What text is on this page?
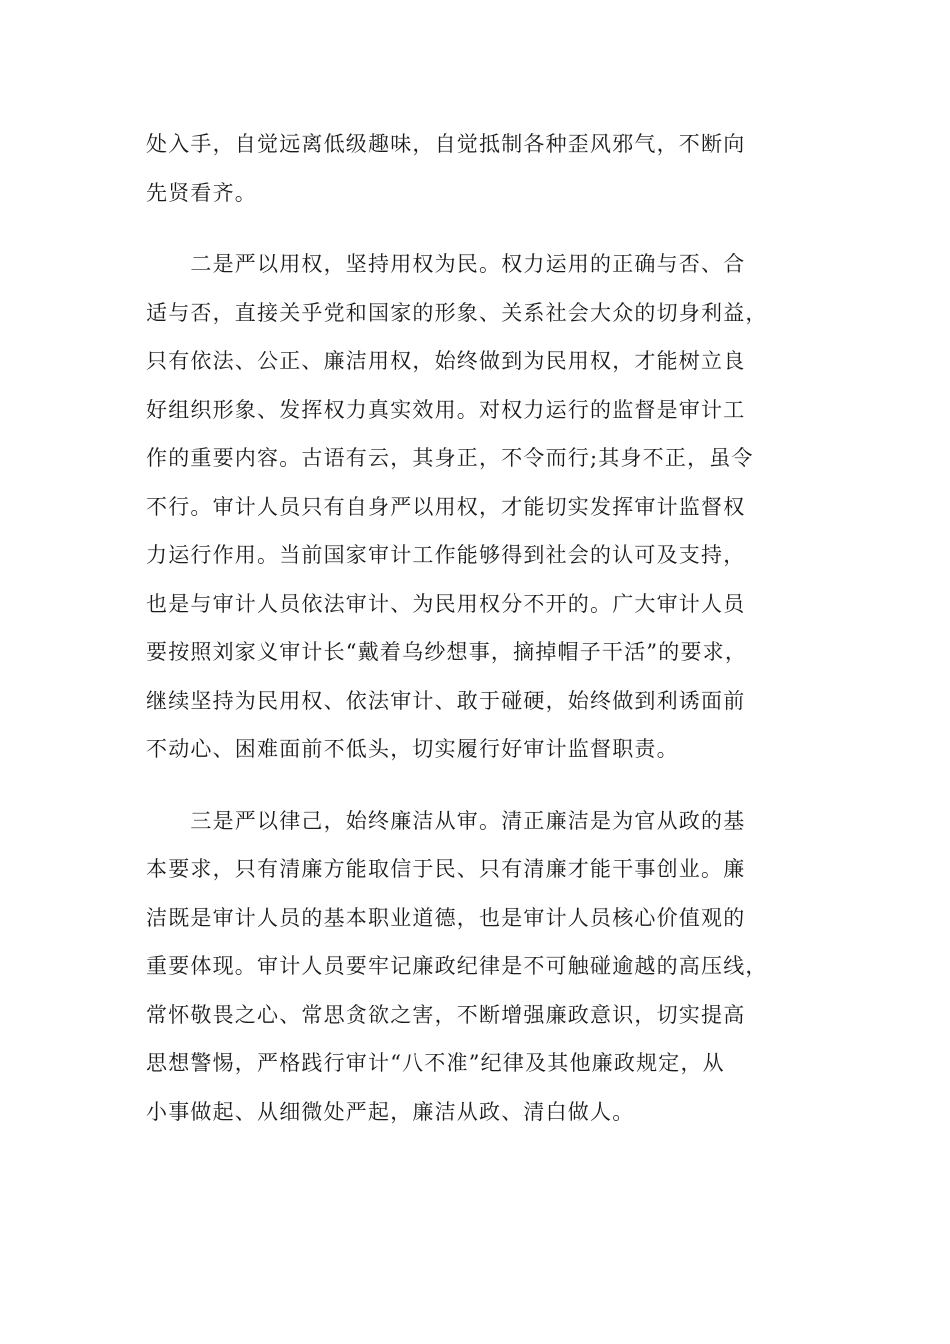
处入手，自觉远离低级趣味，自觉抵制各种歪风邪气，不断向
先贤看齐。

　　二是严以用权，坚持用权为民。权力运用的正确与否、合
适与否，直接关乎党和国家的形象、关系社会大众的切身利益，
只有依法、公正、廉洁用权，始终做到为民用权，才能树立良
好组织形象、发挥权力真实效用。对权力运行的监督是审计工
作的重要内容。古语有云，其身正，不令而行;其身不正，虽令
不行。审计人员只有自身严以用权，才能切实发挥审计监督权
力运行作用。当前国家审计工作能够得到社会的认可及支持，
也是与审计人员依法审计、为民用权分不开的。广大审计人员
要按照刘家义审计长“戴着乌纱想事，摘掉帽子干活”的要求，
继续坚持为民用权、依法审计、敢于碰硬，始终做到利诱面前
不动心、困难面前不低头，切实履行好审计监督职责。

　　三是严以律己，始终廉洁从审。清正廉洁是为官从政的基
本要求，只有清廉方能取信于民、只有清廉才能干事创业。廉
洁既是审计人员的基本职业道德，也是审计人员核心价值观的
重要体现。审计人员要牢记廉政纪律是不可触碰逾越的高压线，
常怀敬畏之心、常思贪欲之害，不断增强廉政意识，切实提高
思想警惕，严格践行审计“八不准”纪律及其他廉政规定，从
小事做起、从细微处严起，廉洁从政、清白做人。
